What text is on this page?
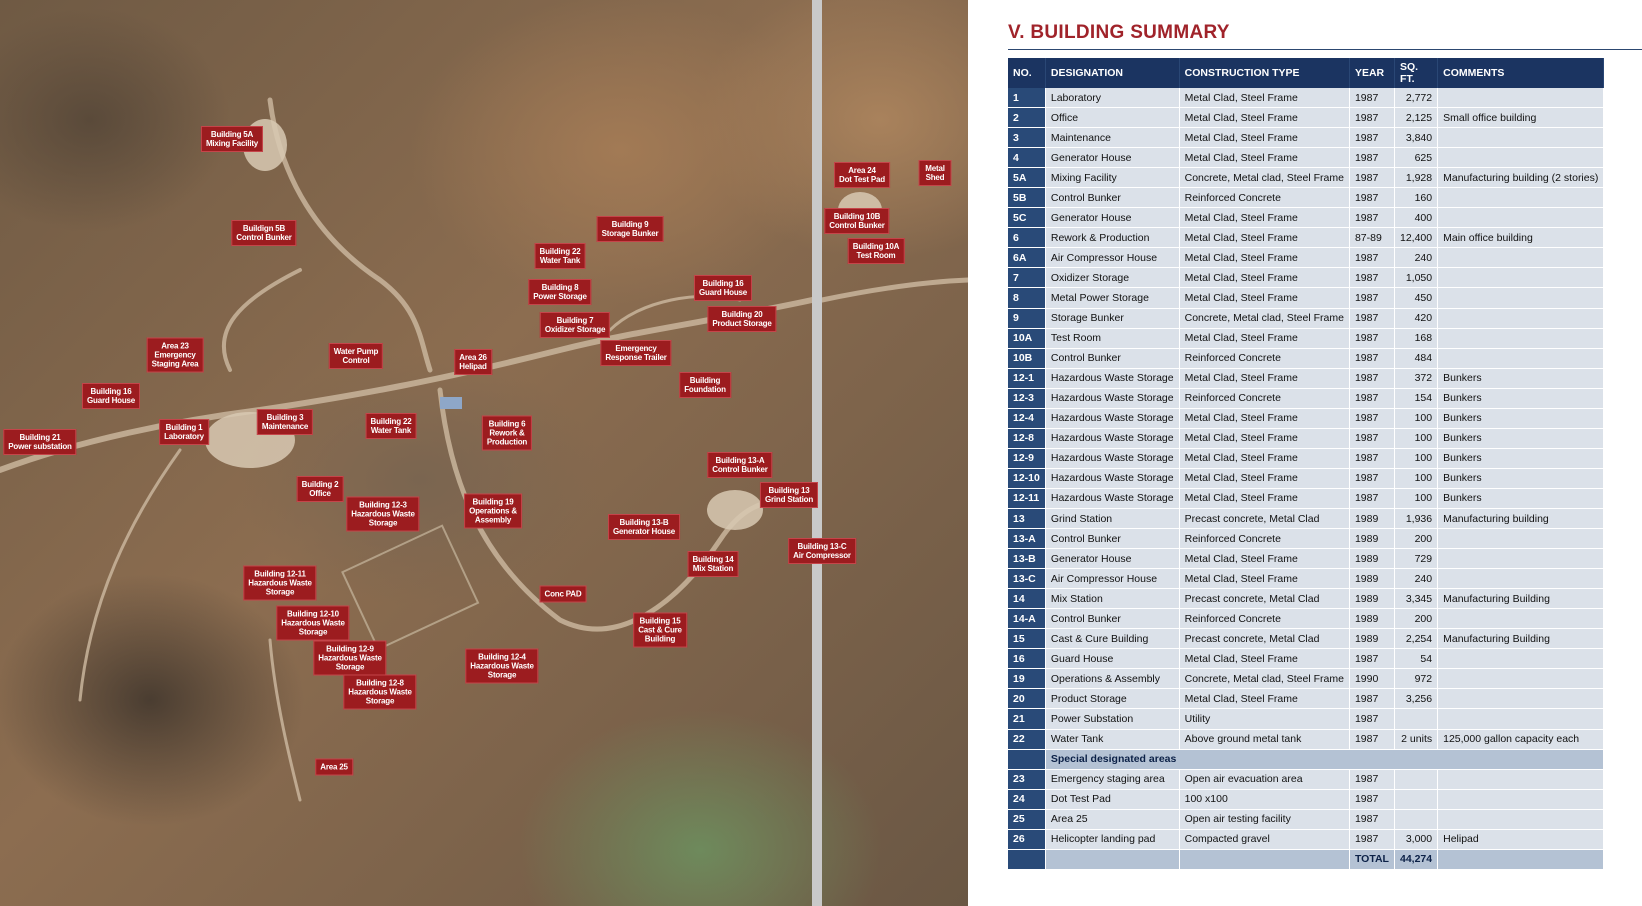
Building 5A
Mixing Facility
Buildign 5B
Control Bunker
Building 9
Storage Bunker
Building 22
Water Tank
Building 8
Power Storage
Building 7
Oxidizer Storage
Building 16
Guard House
Building 20
Product Storage
Area 24
Dot Test Pad
Metal Shed
Building 10B
Control Bunker
Building 10A
Test Room
Area 23
Emergency
Staging Area
Water Pump
Control	Area 26
Helipad
Emergency
Response Trailer
Building
Foundation
Building 16
Guard House
Building 1
Laboratory
Building 3
Maintenance
Building 22
Water Tank
Building 6
Rework &
Production
Building 21
Power substation
Building 13-A
Control Bunker
Building 2
Office	Building 13
Grind Station
Building 12-3
Hazardous Waste
Storage
Building 19
Operations &
Assembly	Building 13-B
Generator House
Building 13-C
Air Compressor
Building 14
Mix Station
Building 12-11
Hazardous Waste
Storage	Conc PAD
Building 12-10
Hazardous Waste
Storage
Building 15
Cast & Cure
Building
Building 12-9
Hazardous Waste
Storage
Building 12-4
Hazardous Waste
Storage
Building 12-8
Hazardous Waste
Storage
Area 25
V. BUILDING SUMMARY
NO.	DESIGNATION	CONSTRUCTION TYPE	YEAR	SQ. FT.	COMMENTS
1	Laboratory	Metal Clad, Steel Frame	1987	2,772	
2	Office	Metal Clad, Steel Frame	1987	2,125	Small office building
3	Maintenance	Metal Clad, Steel Frame	1987	3,840	
4	Generator House	Metal Clad, Steel Frame	1987	625	
5A	Mixing Facility	Concrete, Metal clad, Steel Frame	1987	1,928	Manufacturing building (2 stories)
5B	Control Bunker	Reinforced Concrete	1987	160	
5C	Generator House	Metal Clad, Steel Frame	1987	400	
6	Rework & Production	Metal Clad, Steel Frame	87-89	12,400	Main office building
6A	Air Compressor House	Metal Clad, Steel Frame	1987	240	
7	Oxidizer Storage	Metal Clad, Steel Frame	1987	1,050	
8	Metal Power Storage	Metal Clad, Steel Frame	1987	450	
9	Storage Bunker	Concrete, Metal clad, Steel Frame	1987	420	
10A	Test Room	Metal Clad, Steel Frame	1987	168	
10B	Control Bunker	Reinforced Concrete	1987	484	
12-1	Hazardous Waste Storage	Metal Clad, Steel Frame	1987	372	Bunkers
12-3	Hazardous Waste Storage	Reinforced Concrete	1987	154	Bunkers
12-4	Hazardous Waste Storage	Metal Clad, Steel Frame	1987	100	Bunkers
12-8	Hazardous Waste Storage	Metal Clad, Steel Frame	1987	100	Bunkers
12-9	Hazardous Waste Storage	Metal Clad, Steel Frame	1987	100	Bunkers
12-10	Hazardous Waste Storage	Metal Clad, Steel Frame	1987	100	Bunkers
12-11	Hazardous Waste Storage	Metal Clad, Steel Frame	1987	100	Bunkers
13	Grind Station	Precast concrete, Metal Clad	1989	1,936	Manufacturing building
13-A	Control Bunker	Reinforced Concrete	1989	200	
13-B	Generator House	Metal Clad, Steel Frame	1989	729	
13-C	Air Compressor House	Metal Clad, Steel Frame	1989	240	
14	Mix Station	Precast concrete, Metal Clad	1989	3,345	Manufacturing Building
14-A	Control Bunker	Reinforced Concrete	1989	200	
15	Cast & Cure Building	Precast concrete, Metal Clad	1989	2,254	Manufacturing Building
16	Guard House	Metal Clad, Steel Frame	1987	54	
19	Operations & Assembly	Concrete, Metal clad, Steel Frame	1990	972	
20	Product Storage	Metal Clad, Steel Frame	1987	3,256	
21	Power Substation	Utility	1987		
22	Water Tank	Above ground metal tank	1987	2 units	125,000 gallon capacity each
	Special designated areas				
23	Emergency staging area	Open air evacuation area	1987		
24	Dot Test Pad	100 x100	1987		
25	Area 25	Open air testing facility	1987		
26	Helicopter landing pad	Compacted gravel	1987	3,000	Helipad
			TOTAL	44,274	
